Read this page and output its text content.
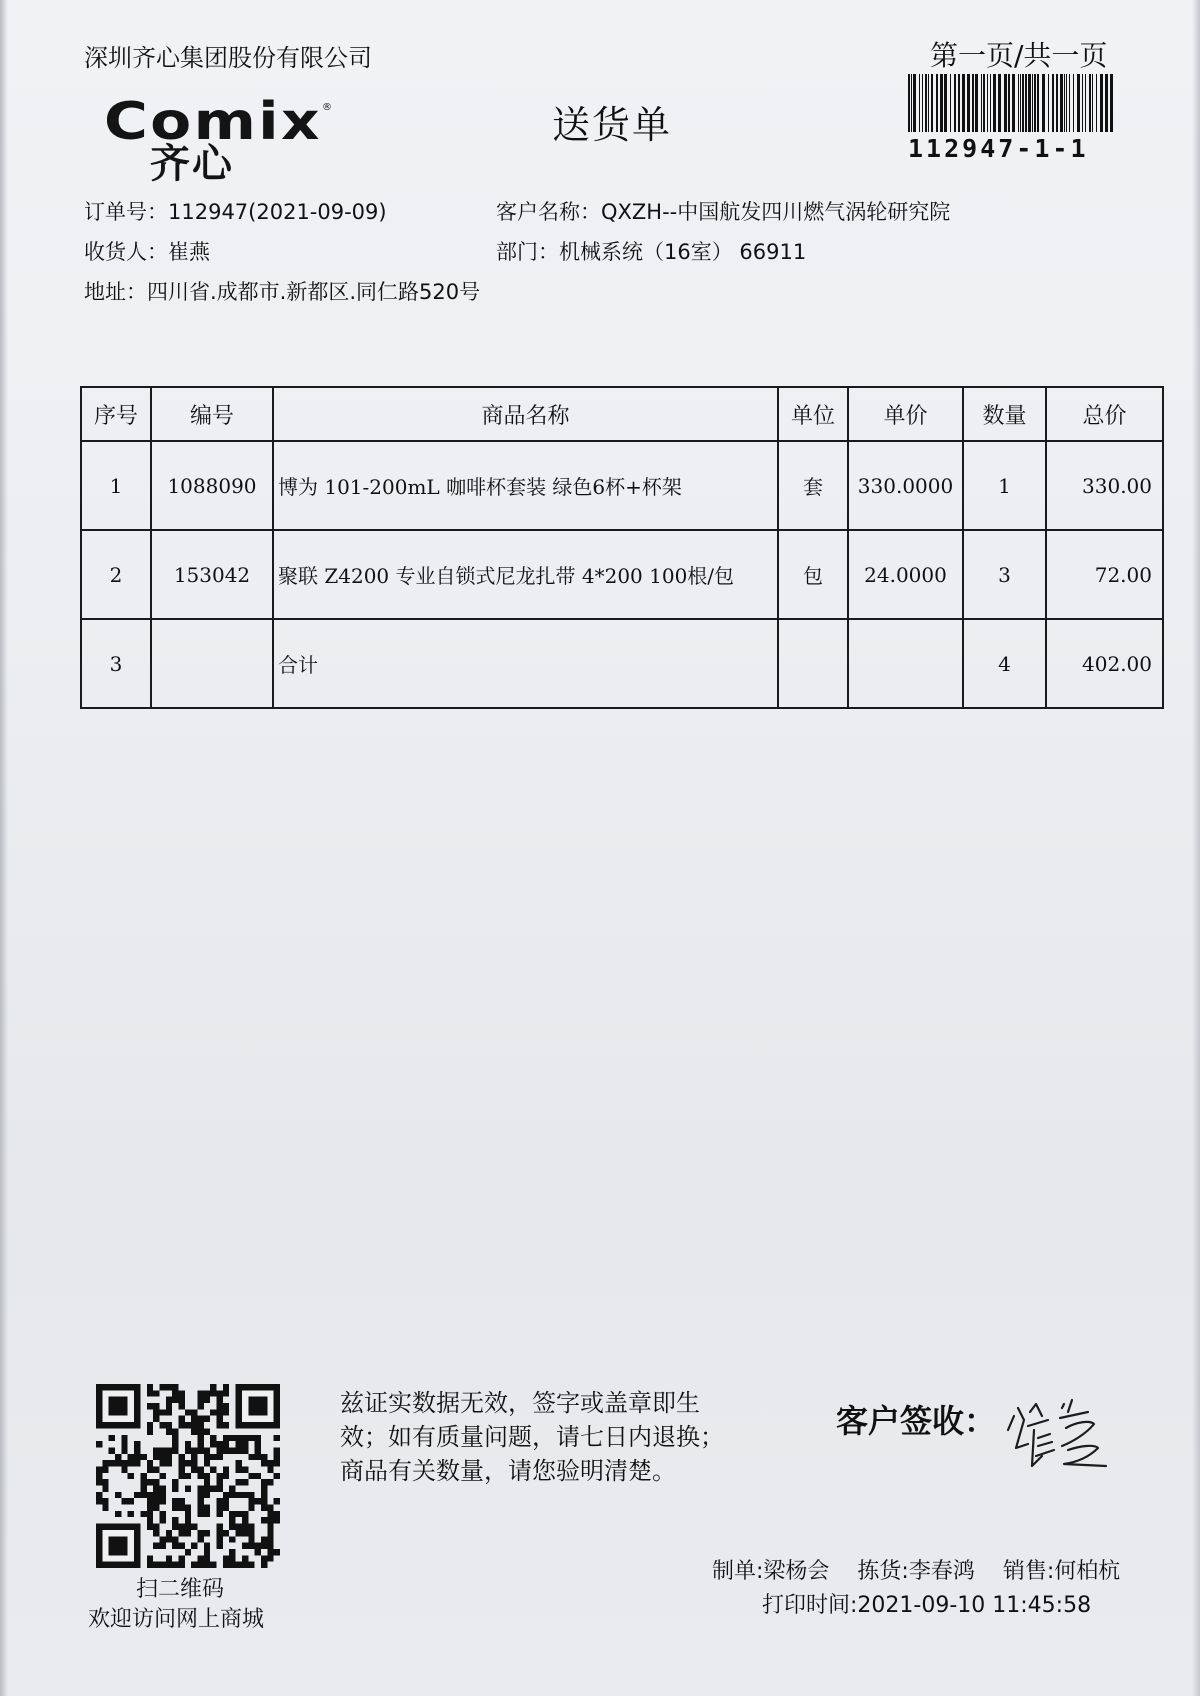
深圳齐心集团股份有限公司	第一页/共一页
Comix ®
齐心
送货单
112947-1-1
订单号：112947(2021-09-09)
收货人：崔燕
地址：四川省.成都市.新都区.同仁路520号
客户名称：QXZH--中国航发四川燃气涡轮研究院
部门：机械系统（16室） 66911
序号	编号	商品名称	单位	单价	数量	总价
1	1088090	博为 101-200mL 咖啡杯套装 绿色6杯+杯架	套	330.0000	1	330.00
2	153042	聚联 Z4200 专业自锁式尼龙扎带 4*200 100根/包	包	24.0000	3	72.00
3		合计			4	402.00
扫二维码
欢迎访问网上商城
兹证实数据无效，签字或盖章即生效；如有质量问题，请七日内退换；商品有关数量，请您验明清楚。
客户签收：
制单:梁杨会 拣货:李春鸿 销售:何柏杭
打印时间:2021-09-10 11:45:58
